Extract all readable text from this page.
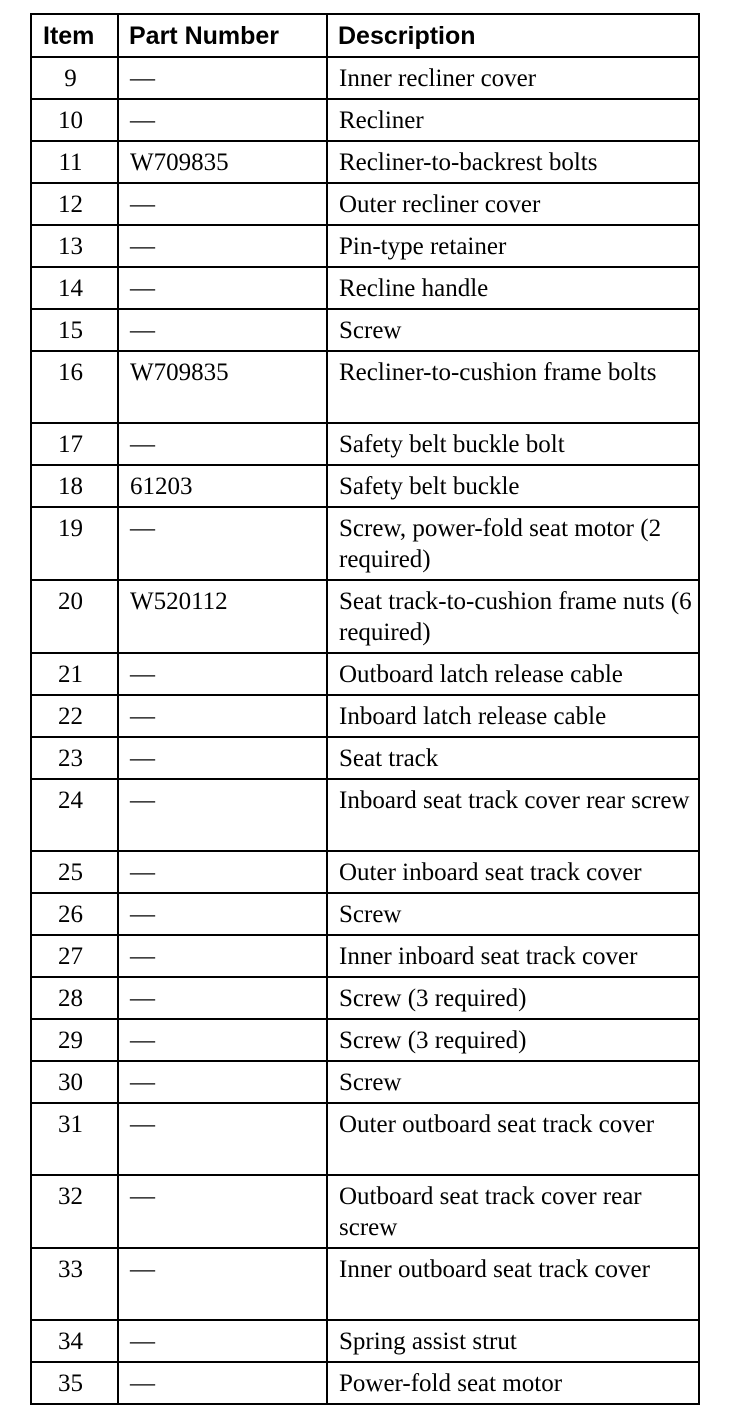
Item	Part Number	Description
9	—	Inner recliner cover
10	—	Recliner
11	W709835	Recliner-to-backrest bolts
12	—	Outer recliner cover
13	—	Pin-type retainer
14	—	Recline handle
15	—	Screw
16	W709835	Recliner-to-cushion frame bolts
17	—	Safety belt buckle bolt
18	61203	Safety belt buckle
19	—	Screw, power-fold seat motor (2 required)
20	W520112	Seat track-to-cushion frame nuts (6 required)
21	—	Outboard latch release cable
22	—	Inboard latch release cable
23	—	Seat track
24	—	Inboard seat track cover rear screw
25	—	Outer inboard seat track cover
26	—	Screw
27	—	Inner inboard seat track cover
28	—	Screw (3 required)
29	—	Screw (3 required)
30	—	Screw
31	—	Outer outboard seat track cover
32	—	Outboard seat track cover rear screw
33	—	Inner outboard seat track cover
34	—	Spring assist strut
35	—	Power-fold seat motor
